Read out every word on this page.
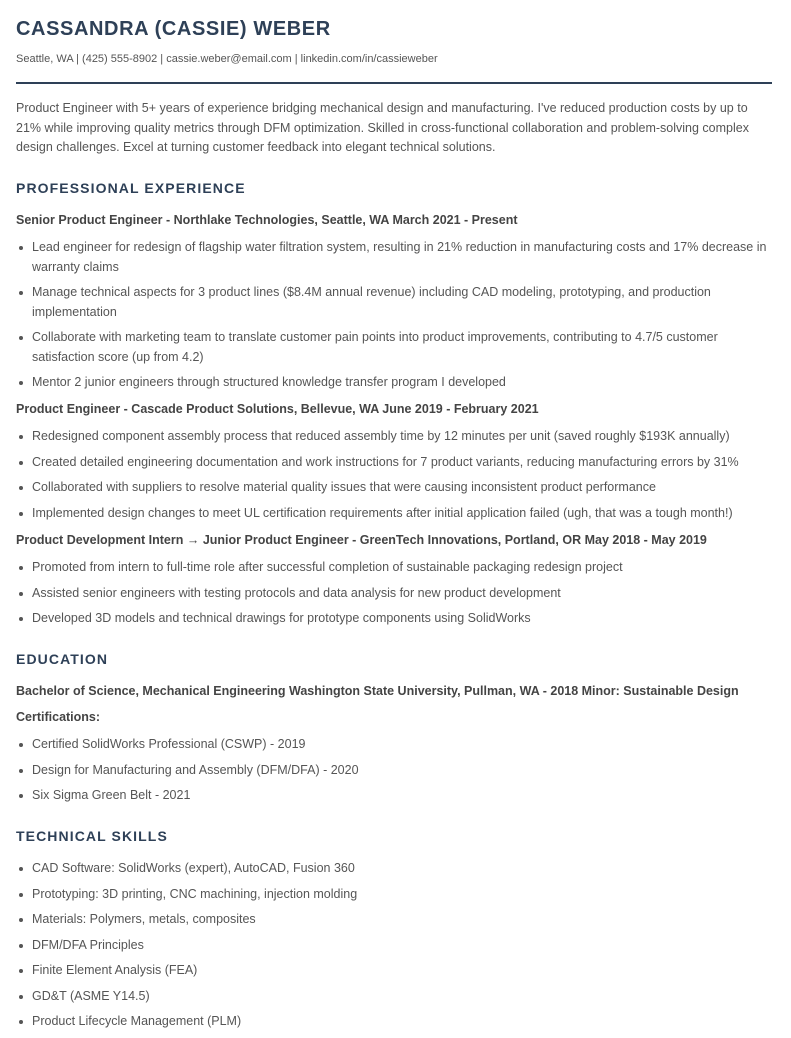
CASSANDRA (CASSIE) WEBER
Seattle, WA | (425) 555-8902 | cassie.weber@email.com | linkedin.com/in/cassieweber

Product Engineer with 5+ years of experience bridging mechanical design and manufacturing. I've reduced production costs by up to 21% while improving quality metrics through DFM optimization. Skilled in cross-functional collaboration and problem-solving complex design challenges. Excel at turning customer feedback into elegant technical solutions.

PROFESSIONAL EXPERIENCE
Senior Product Engineer - Northlake Technologies, Seattle, WA March 2021 - Present
Lead engineer for redesign of flagship water filtration system, resulting in 21% reduction in manufacturing costs and 17% decrease in warranty claims
Manage technical aspects for 3 product lines ($8.4M annual revenue) including CAD modeling, prototyping, and production implementation
Collaborate with marketing team to translate customer pain points into product improvements, contributing to 4.7/5 customer satisfaction score (up from 4.2)
Mentor 2 junior engineers through structured knowledge transfer program I developed
Product Engineer - Cascade Product Solutions, Bellevue, WA June 2019 - February 2021
Redesigned component assembly process that reduced assembly time by 12 minutes per unit (saved roughly $193K annually)
Created detailed engineering documentation and work instructions for 7 product variants, reducing manufacturing errors by 31%
Collaborated with suppliers to resolve material quality issues that were causing inconsistent product performance
Implemented design changes to meet UL certification requirements after initial application failed (ugh, that was a tough month!)
Product Development Intern → Junior Product Engineer - GreenTech Innovations, Portland, OR May 2018 - May 2019
Promoted from intern to full-time role after successful completion of sustainable packaging redesign project
Assisted senior engineers with testing protocols and data analysis for new product development
Developed 3D models and technical drawings for prototype components using SolidWorks
EDUCATION
Bachelor of Science, Mechanical Engineering Washington State University, Pullman, WA - 2018 Minor: Sustainable Design
Certifications:
Certified SolidWorks Professional (CSWP) - 2019
Design for Manufacturing and Assembly (DFM/DFA) - 2020
Six Sigma Green Belt - 2021
TECHNICAL SKILLS
CAD Software: SolidWorks (expert), AutoCAD, Fusion 360
Prototyping: 3D printing, CNC machining, injection molding
Materials: Polymers, metals, composites
DFM/DFA Principles
Finite Element Analysis (FEA)
GD&T (ASME Y14.5)
Product Lifecycle Management (PLM)
